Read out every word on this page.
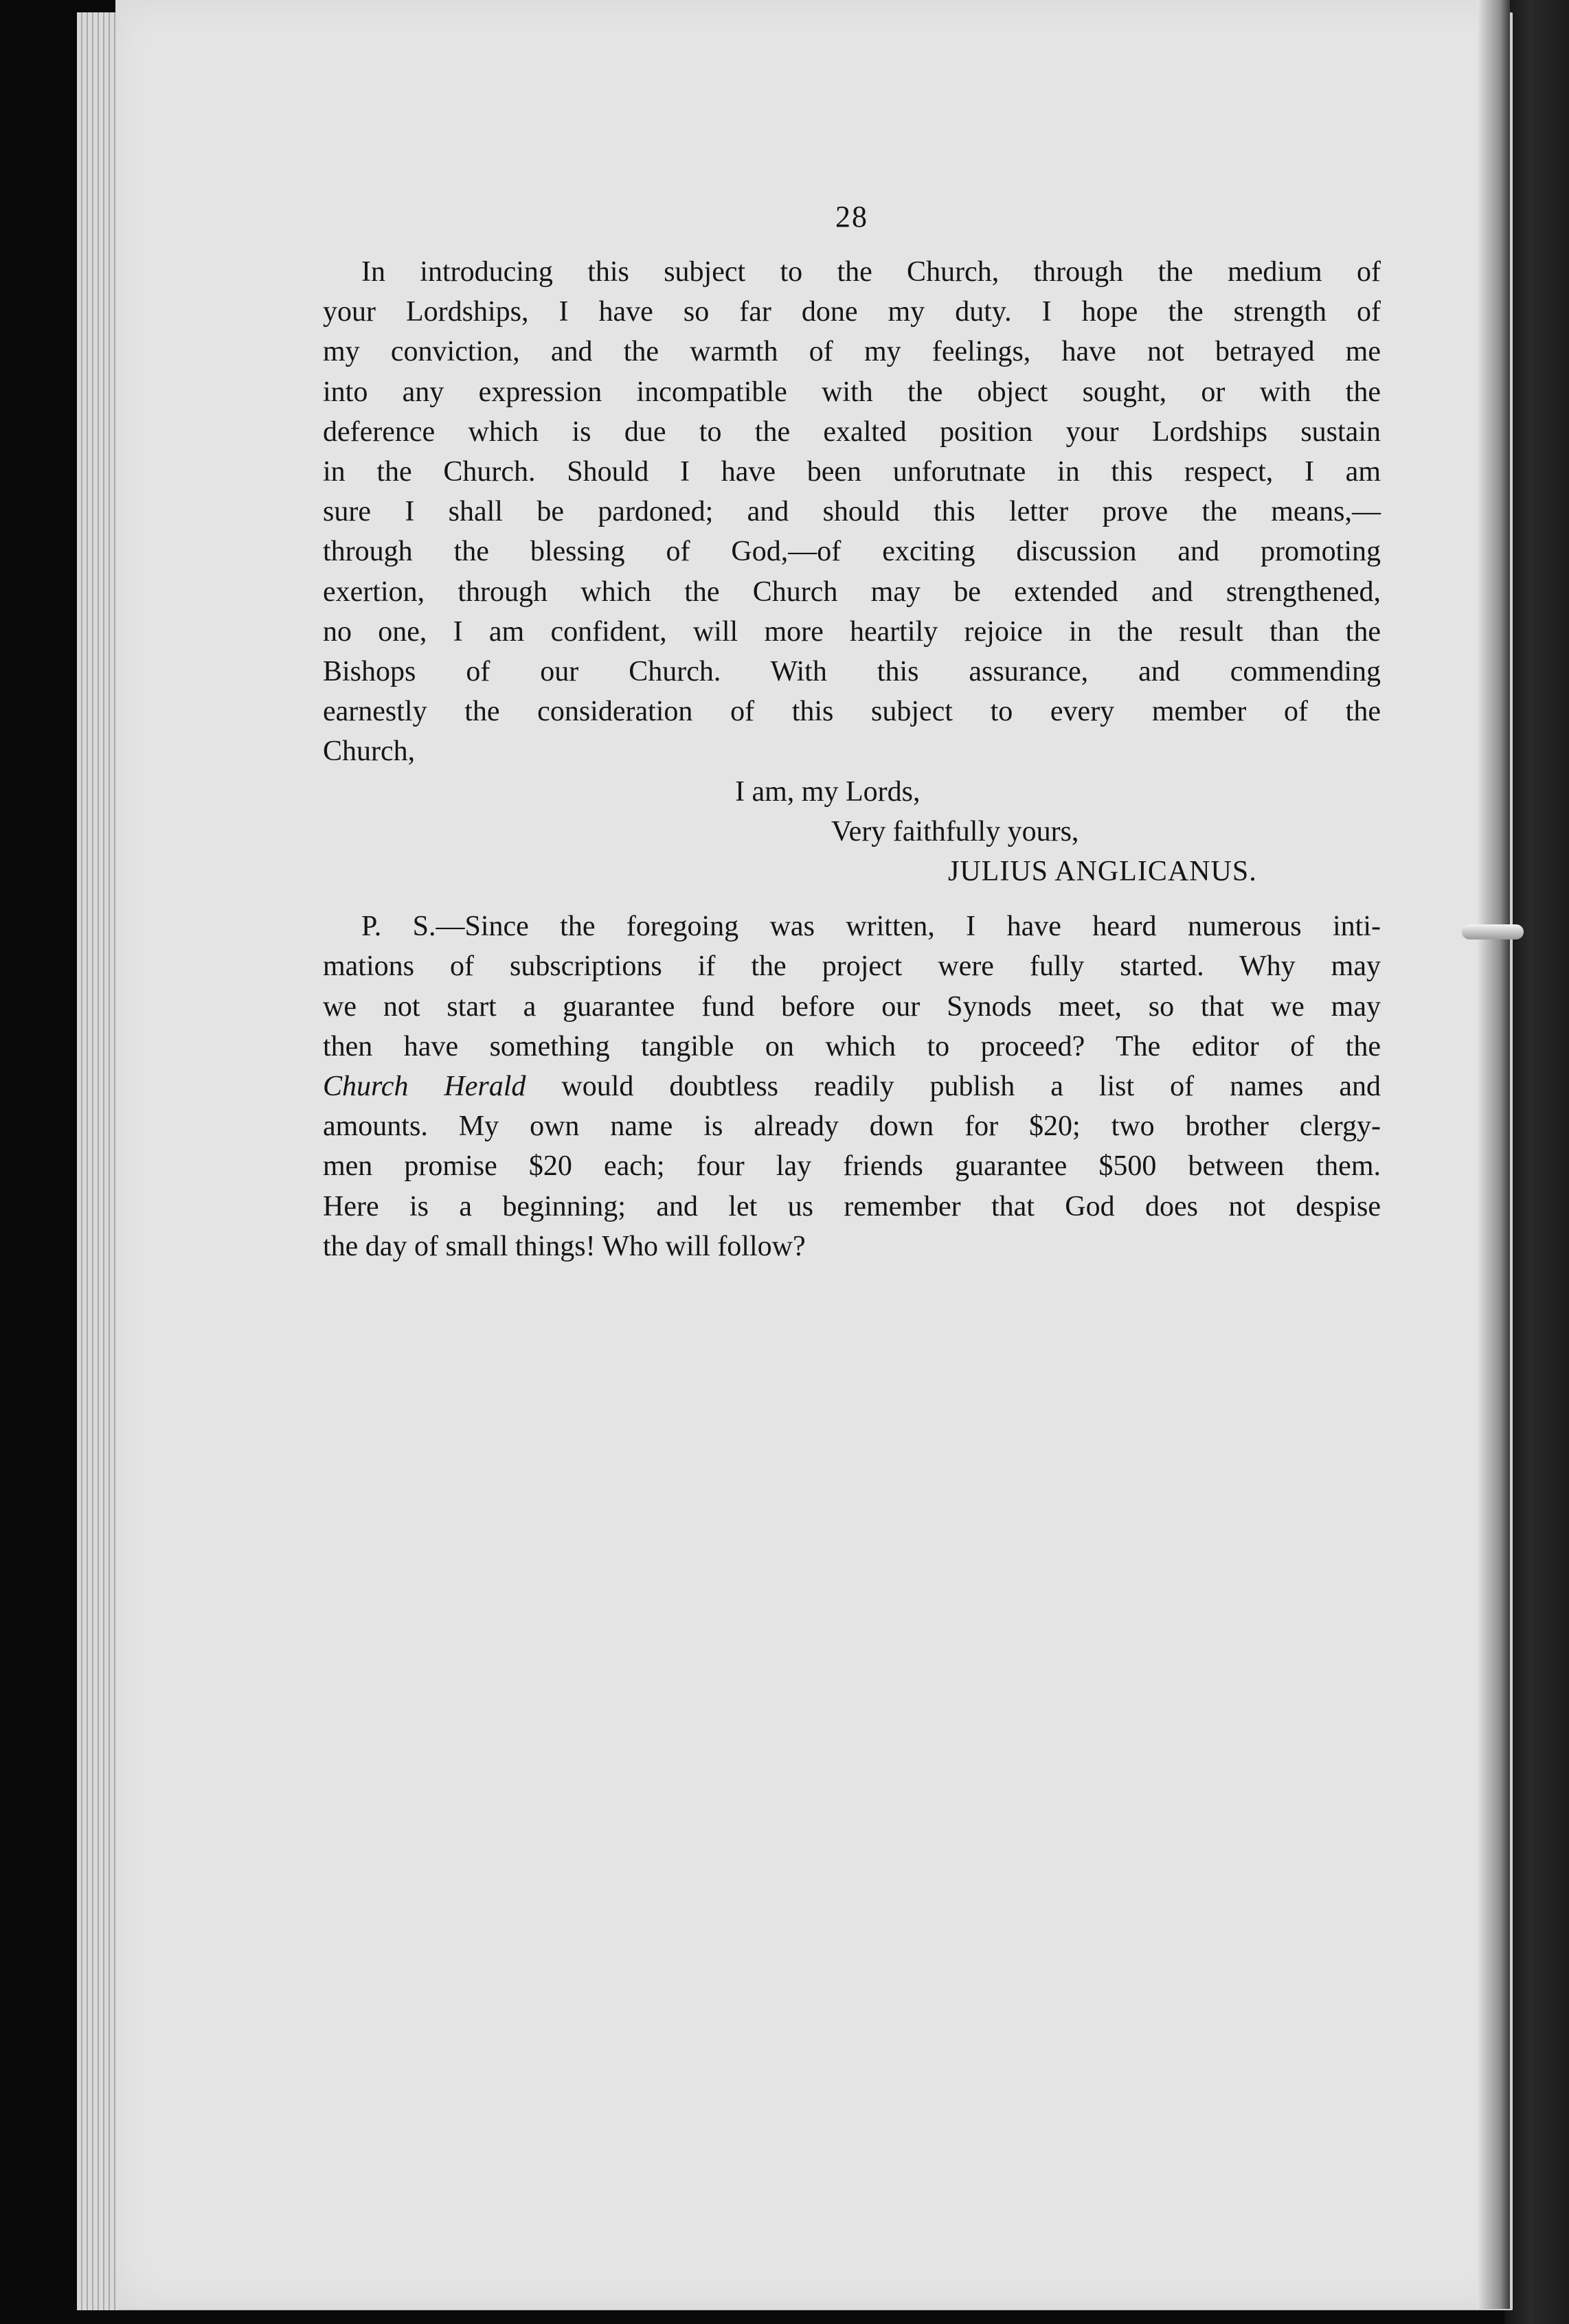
28
In introducing this subject to the Church, through the medium of
your Lordships, I have so far done my duty. I hope the strength of
my conviction, and the warmth of my feelings, have not betrayed me
into any expression incompatible with the object sought, or with the
deference which is due to the exalted position your Lordships sustain
in the Church. Should I have been unforutnate in this respect, I am
sure I shall be pardoned; and should this letter prove the means,—
through the blessing of God,—of exciting discussion and promoting
exertion, through which the Church may be extended and strengthened,
no one, I am confident, will more heartily rejoice in the result than the
Bishops of our Church. With this assurance, and commending
earnestly the consideration of this subject to every member of the
Church,
I am, my Lords,
Very faithfully yours,
JULIUS ANGLICANUS.
P. S.—Since the foregoing was written, I have heard numerous inti-
mations of subscriptions if the project were fully started. Why may
we not start a guarantee fund before our Synods meet, so that we may
then have something tangible on which to proceed? The editor of the
Church Herald would doubtless readily publish a list of names and
amounts. My own name is already down for $20; two brother clergy-
men promise $20 each; four lay friends guarantee $500 between them.
Here is a beginning; and let us remember that God does not despise
the day of small things! Who will follow?
